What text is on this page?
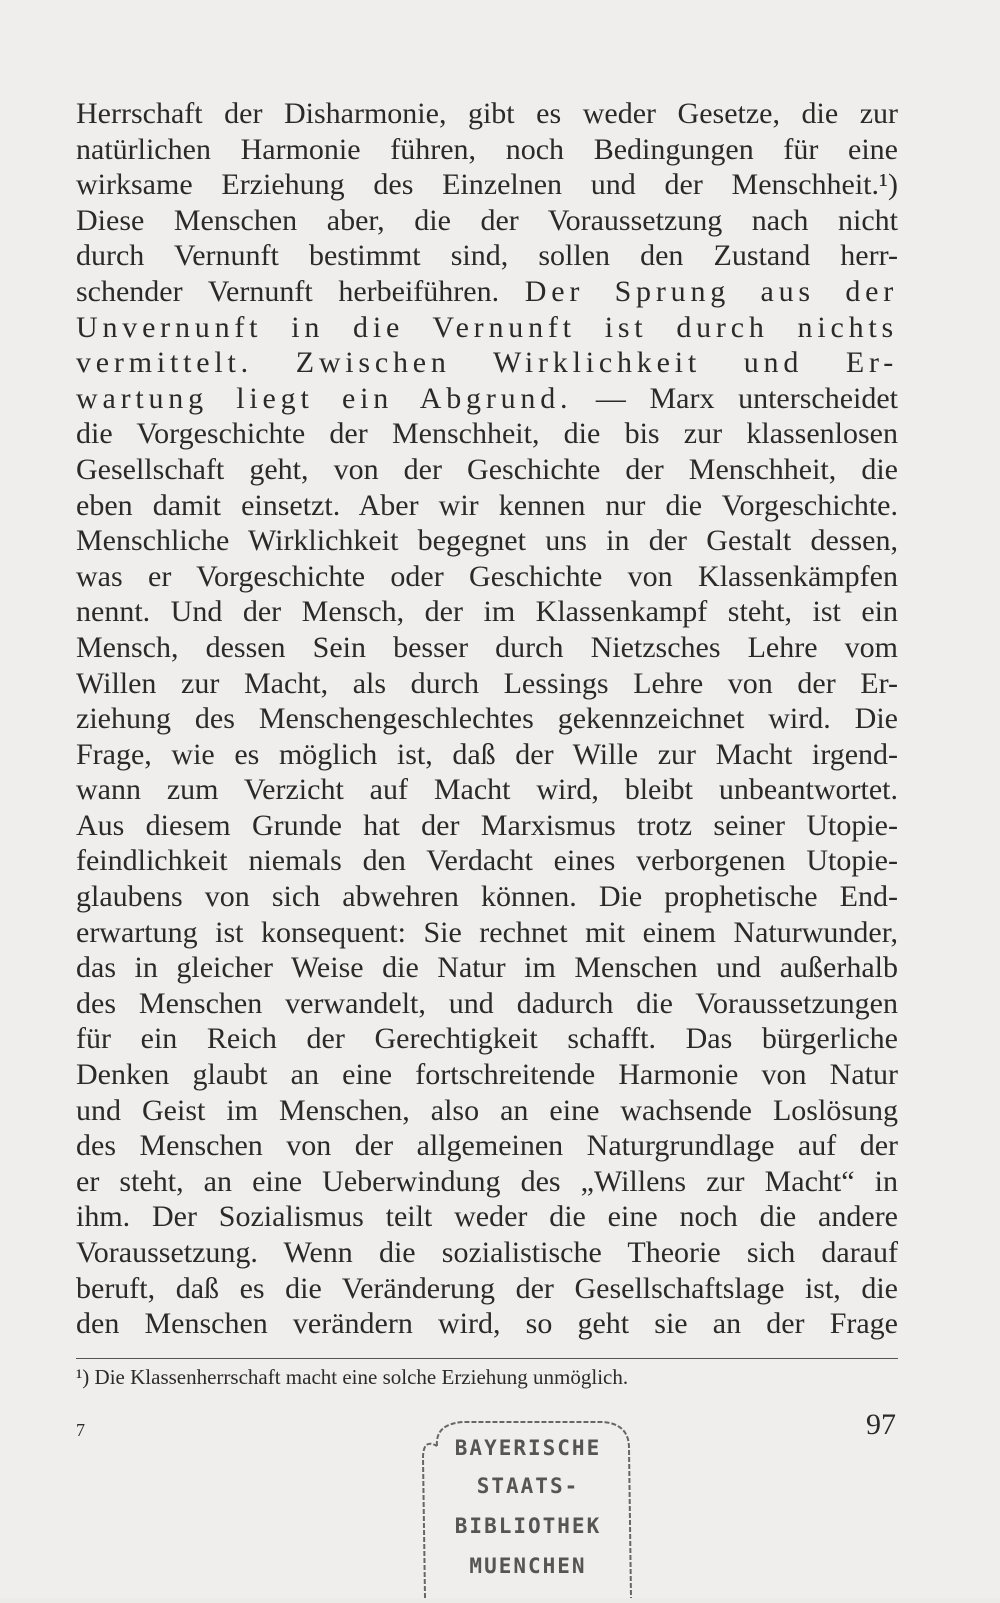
Herrschaft der Disharmonie, gibt es weder Gesetze, die zur
natürlichen Harmonie führen, noch Bedingungen für eine
wirksame Erziehung des Einzelnen und der Menschheit.¹)
Diese Menschen aber, die der Voraussetzung nach nicht
durch Vernunft bestimmt sind, sollen den Zustand herr-
schender Vernunft herbeiführen. Der Sprung aus der
Unvernunft in die Vernunft ist durch nichts
vermittelt. Zwischen Wirklichkeit und Er-
wartung liegt ein Abgrund. — Marx unterscheidet
die Vorgeschichte der Menschheit, die bis zur klassenlosen
Gesellschaft geht, von der Geschichte der Menschheit, die
eben damit einsetzt. Aber wir kennen nur die Vorgeschichte.
Menschliche Wirklichkeit begegnet uns in der Gestalt dessen,
was er Vorgeschichte oder Geschichte von Klassenkämpfen
nennt. Und der Mensch, der im Klassenkampf steht, ist ein
Mensch, dessen Sein besser durch Nietzsches Lehre vom
Willen zur Macht, als durch Lessings Lehre von der Er-
ziehung des Menschengeschlechtes gekennzeichnet wird. Die
Frage, wie es möglich ist, daß der Wille zur Macht irgend-
wann zum Verzicht auf Macht wird, bleibt unbeantwortet.
Aus diesem Grunde hat der Marxismus trotz seiner Utopie-
feindlichkeit niemals den Verdacht eines verborgenen Utopie-
glaubens von sich abwehren können. Die prophetische End-
erwartung ist konsequent: Sie rechnet mit einem Naturwunder,
das in gleicher Weise die Natur im Menschen und außerhalb
des Menschen verwandelt, und dadurch die Voraussetzungen
für ein Reich der Gerechtigkeit schafft. Das bürgerliche
Denken glaubt an eine fortschreitende Harmonie von Natur
und Geist im Menschen, also an eine wachsende Loslösung
des Menschen von der allgemeinen Naturgrundlage auf der
er steht, an eine Ueberwindung des „Willens zur Macht“ in
ihm. Der Sozialismus teilt weder die eine noch die andere
Voraussetzung. Wenn die sozialistische Theorie sich darauf
beruft, daß es die Veränderung der Gesellschaftslage ist, die
den Menschen verändern wird, so geht sie an der Frage
¹) Die Klassenherrschaft macht eine solche Erziehung unmöglich.
7	97
BAYERISCHE
STAATS-
BIBLIOTHEK
MUENCHEN
